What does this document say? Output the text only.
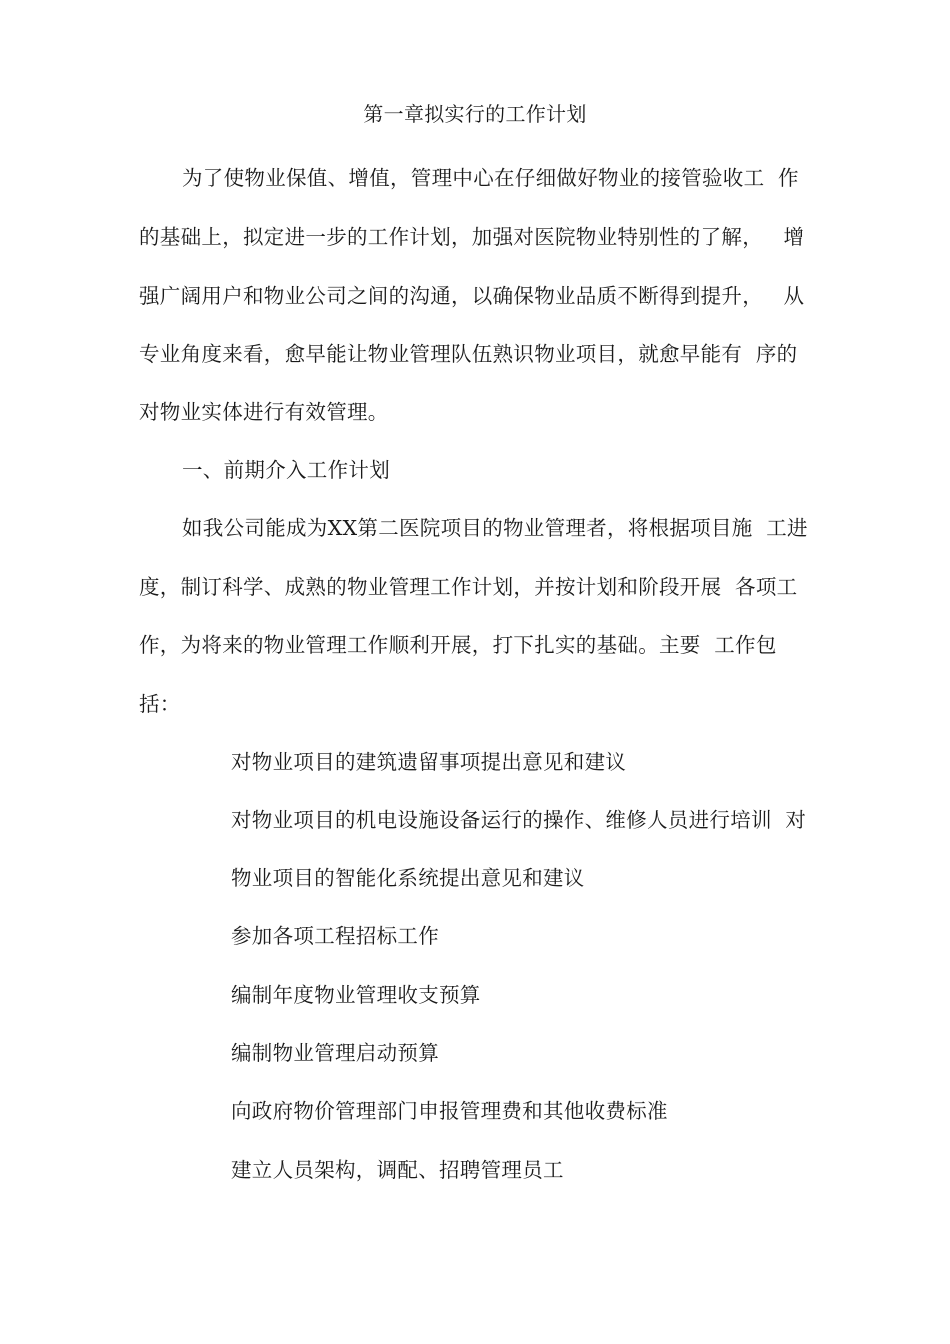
第一章拟实行的工作计划
为了使物业保值、增值，管理中心在仔细做好物业的接管验收工  作
的基础上，拟定进一步的工作计划，加强对医院物业特别性的了解，   增
强广阔用户和物业公司之间的沟通，以确保物业品质不断得到提升，   从
专业角度来看，愈早能让物业管理队伍熟识物业项目，就愈早能有  序的
对物业实体进行有效管理。
一、前期介入工作计划
如我公司能成为XX第二医院项目的物业管理者，将根据项目施  工进
度，制订科学、成熟的物业管理工作计划，并按计划和阶段开展  各项工
作，为将来的物业管理工作顺利开展，打下扎实的基础。主要  工作包
括：
对物业项目的建筑遗留事项提出意见和建议
对物业项目的机电设施设备运行的操作、维修人员进行培训  对
物业项目的智能化系统提出意见和建议
参加各项工程招标工作
编制年度物业管理收支预算
编制物业管理启动预算
向政府物价管理部门申报管理费和其他收费标准
建立人员架构，调配、招聘管理员工
